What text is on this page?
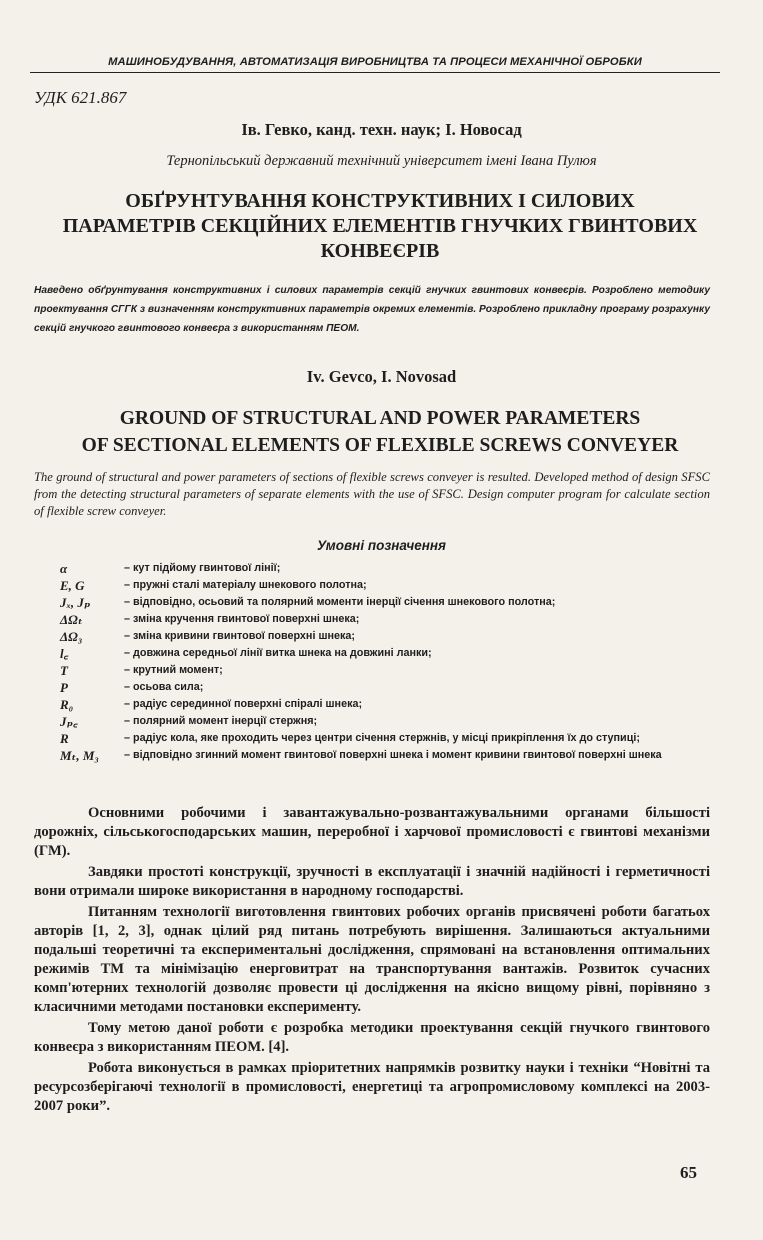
МАШИНОБУДУВАННЯ, АВТОМАТИЗАЦІЯ ВИРОБНИЦТВА ТА ПРОЦЕСИ МЕХАНІЧНОЇ ОБРОБКИ
УДК 621.867
Ів. Гевко, канд. техн. наук; І. Новосад
Тернопільський державний технічний університет імені Івана Пулюя
ОБҐРУНТУВАННЯ КОНСТРУКТИВНИХ І СИЛОВИХ ПАРАМЕТРІВ СЕКЦІЙНИХ ЕЛЕМЕНТІВ ГНУЧКИХ ГВИНТОВИХ КОНВЕЄРІВ
Наведено обґрунтування конструктивних і силових параметрів секцій гнучких гвинтових конвеєрів. Розроблено методику проектування СГГК з визначенням конструктивних параметрів окремих елементів. Розроблено прикладну програму розрахунку секцій гнучкого гвинтового конвеєра з використанням ПЕОМ.
Iv. Gevco, I. Novosad
GROUND OF STRUCTURAL AND POWER PARAMETERS
OF SECTIONAL ELEMENTS OF FLEXIBLE SCREWS CONVEYER
The ground of structural and power parameters of sections of flexible screws conveyer is resulted. Developed method of design SFSC from the detecting structural parameters of separate elements with the use of SFSC. Design computer program for calculate section of flexible screw conveyer.
Умовні позначення
α	– кут підйому гвинтової лінії;
E, G	– пружні сталі матеріалу шнекового полотна;
Jₓ, Jₚ	– відповідно, осьовий та полярний моменти інерції січення шнекового полотна;
ΔΩₜ	– зміна кручення гвинтової поверхні шнека;
ΔΩ₃	– зміна кривини гвинтової поверхні шнека;
l꜀	– довжина середньої лінії витка шнека на довжині ланки;
T	– крутний момент;
P	– осьова сила;
R₀	– радіус серединної поверхні спіралі шнека;
Jₚ꜀	– полярний момент інерції стержня;
R	– радіус кола, яке проходить через центри січення стержнів, у місці прикріплення їх до ступиці;
Mₜ, M₃	– відповідно згинний момент гвинтової поверхні шнека і момент кривини гвинтової поверхні шнека

Основними робочими і завантажувально-розвантажувальними органами більшості дорожніх, сільськогосподарських машин, переробної і харчової промисловості є гвинтові механізми (ГМ).

Завдяки простоті конструкції, зручності в експлуатації і значній надійності і герметичності вони отримали широке використання в народному господарстві.

Питанням технології виготовлення гвинтових робочих органів присвячені роботи багатьох авторів [1, 2, 3], однак цілий ряд питань потребують вирішення. Залишаються актуальними подальші теоретичні та експериментальні дослідження, спрямовані на встановлення оптимальних режимів ТМ та мінімізацію енерговитрат на транспортування вантажів. Розвиток сучасних комп'ютерних технологій дозволяє провести ці дослідження на якісно вищому рівні, порівняно з класичними методами постановки експерименту.

Тому метою даної роботи є розробка методики проектування секцій гнучкого гвинтового конвеєра з використанням ПЕОМ. [4].

Робота виконується в рамках пріоритетних напрямків розвитку науки і техніки “Новітні та ресурсозберігаючі технології в промисловості, енергетиці та агропромисловому комплексі на 2003-2007 роки”.

65
